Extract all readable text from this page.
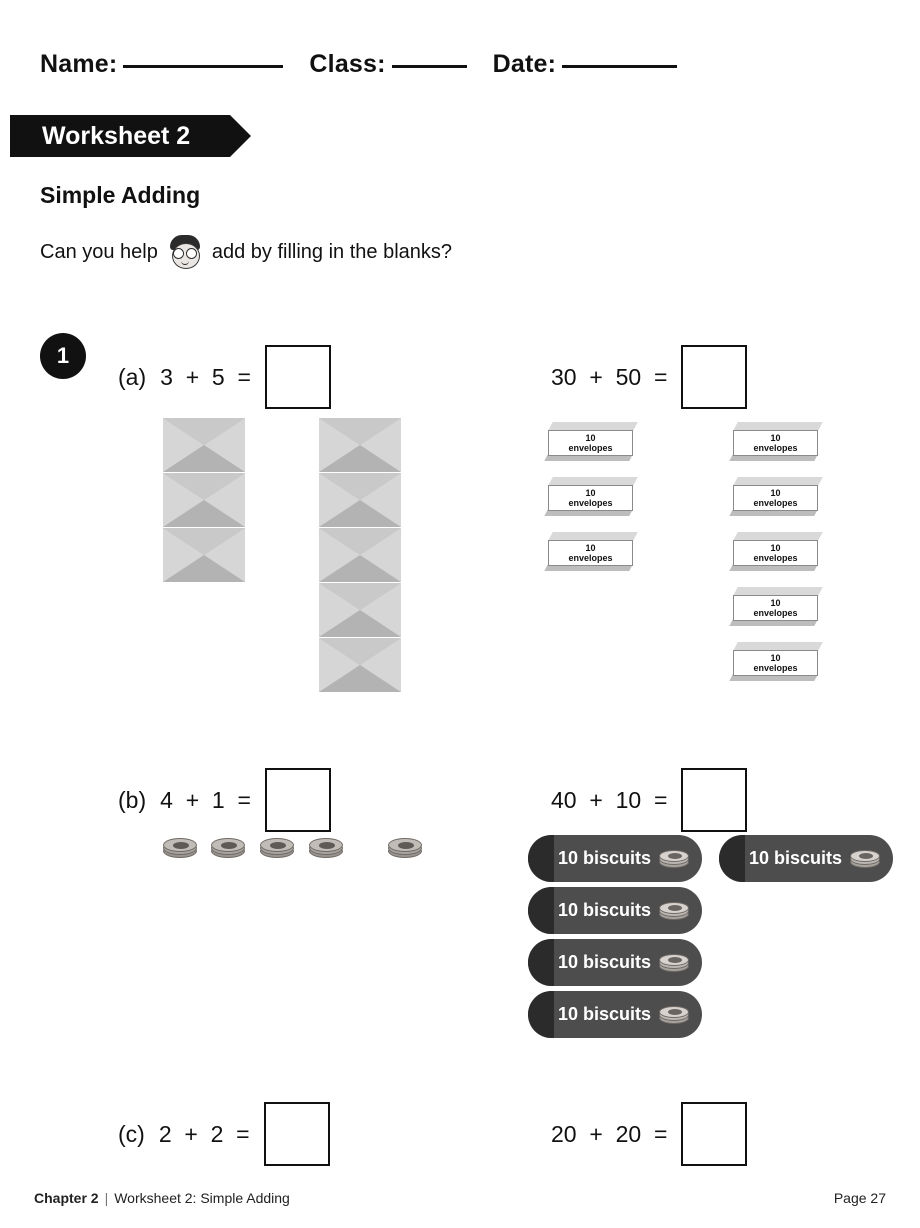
Name:	Class:	Date:
Worksheet 2
Simple Adding
Can you help	add by filling in the blanks?
1
(a) 3  +  5  =	30  +  50  =
10
envelopes
10
envelopes
10
envelopes
10
envelopes
10
envelopes
10
envelopes
10
envelopes
10
envelopes
(b) 4  +  1  =	40  +  10  =
10 biscuits
10 biscuits
10 biscuits
10 biscuits
10 biscuits
(c) 2  +  2  =	20  +  20  =
Chapter 2 | Worksheet 2: Simple Adding	Page 27
